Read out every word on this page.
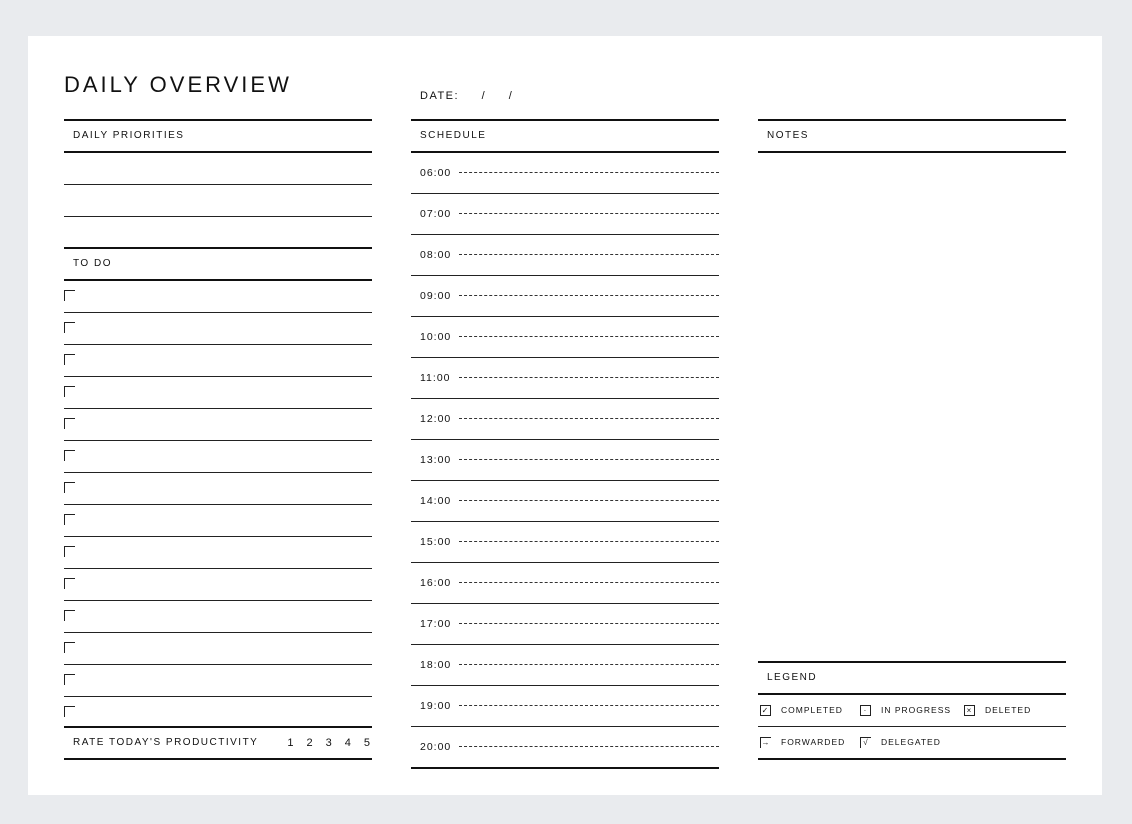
DAILY OVERVIEW	DATE: / /
DAILY PRIORITIES
TO DO
RATE TODAY'S PRODUCTIVITY	1 2 3 4 5
SCHEDULE
06:00
07:00
08:00
09:00
10:00
11:00
12:00
13:00
14:00
15:00
16:00
17:00
18:00
19:00
20:00
NOTES
LEGEND
✓ COMPLETED	· IN PROGRESS	× DELETED
→ FORWARDED	√ DELEGATED
